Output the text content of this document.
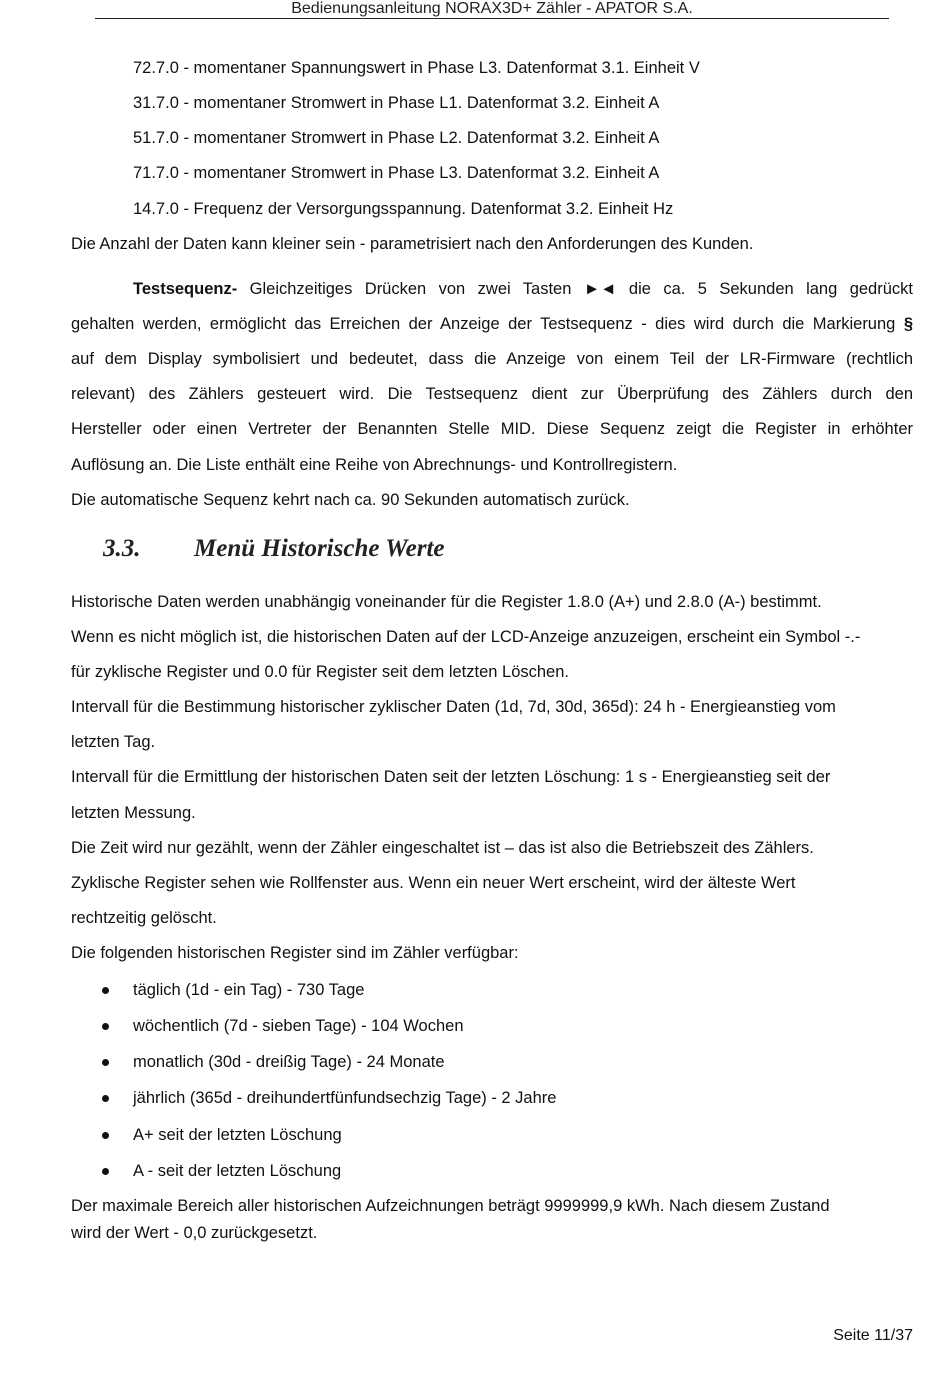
Bedienungsanleitung NORAX3D+ Zähler - APATOR S.A.
72.7.0 - momentaner Spannungswert in Phase L3. Datenformat 3.1. Einheit V
31.7.0 - momentaner Stromwert in Phase L1. Datenformat 3.2. Einheit A
51.7.0 - momentaner Stromwert in Phase L2. Datenformat 3.2. Einheit A
71.7.0 - momentaner Stromwert in Phase L3. Datenformat 3.2. Einheit A
14.7.0 - Frequenz der Versorgungsspannung. Datenformat 3.2. Einheit Hz
Die Anzahl der Daten kann kleiner sein - parametrisiert nach den Anforderungen des Kunden.
Testsequenz- Gleichzeitiges Drücken von zwei Tasten ►◄ die ca. 5 Sekunden lang gedrückt
gehalten werden, ermöglicht das Erreichen der Anzeige der Testsequenz - dies wird durch die Markierung §
auf dem Display symbolisiert und bedeutet, dass die Anzeige von einem Teil der LR-Firmware (rechtlich
relevant) des Zählers gesteuert wird. Die Testsequenz dient zur Überprüfung des Zählers durch den
Hersteller oder einen Vertreter der Benannten Stelle MID. Diese Sequenz zeigt die Register in erhöhter
Auflösung an. Die Liste enthält eine Reihe von Abrechnungs- und Kontrollregistern.
Die automatische Sequenz kehrt nach ca. 90 Sekunden automatisch zurück.
3.3. Menü Historische Werte
Historische Daten werden unabhängig voneinander für die Register 1.8.0 (A+) und 2.8.0 (A-) bestimmt.
Wenn es nicht möglich ist, die historischen Daten auf der LCD-Anzeige anzuzeigen, erscheint ein Symbol -.-
für zyklische Register und 0.0 für Register seit dem letzten Löschen.
Intervall für die Bestimmung historischer zyklischer Daten (1d, 7d, 30d, 365d): 24 h - Energieanstieg vom
letzten Tag.
Intervall für die Ermittlung der historischen Daten seit der letzten Löschung: 1 s - Energieanstieg seit der
letzten Messung.
Die Zeit wird nur gezählt, wenn der Zähler eingeschaltet ist – das ist also die Betriebszeit des Zählers.
Zyklische Register sehen wie Rollfenster aus. Wenn ein neuer Wert erscheint, wird der älteste Wert
rechtzeitig gelöscht.
Die folgenden historischen Register sind im Zähler verfügbar:
täglich (1d - ein Tag) - 730 Tage
wöchentlich (7d - sieben Tage) - 104 Wochen
monatlich (30d - dreißig Tage) - 24 Monate
jährlich (365d - dreihundertfünfundsechzig Tage) - 2 Jahre
A+ seit der letzten Löschung
A - seit der letzten Löschung
Der maximale Bereich aller historischen Aufzeichnungen beträgt 9999999,9 kWh. Nach diesem Zustand
wird der Wert - 0,0 zurückgesetzt.
Seite 11/37
